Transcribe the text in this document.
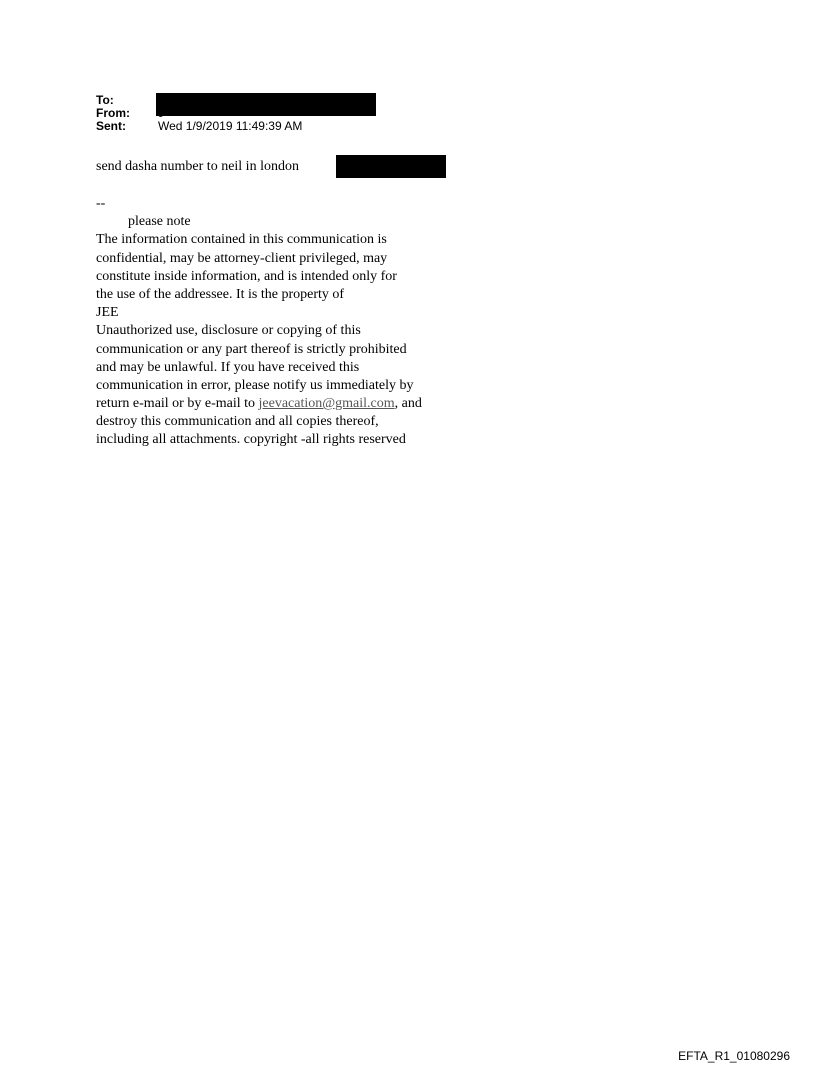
To:
From:
Sent:	Wed 1/9/2019 11:49:39 AM
send dasha number to neil in london
--
please note
The information contained in this communication is
confidential, may be attorney-client privileged, may
constitute inside information, and is intended only for
the use of the addressee. It is the property of
JEE
Unauthorized use, disclosure or copying of this
communication or any part thereof is strictly prohibited
and may be unlawful. If you have received this
communication in error, please notify us immediately by
return e-mail or by e-mail to jeevacation@gmail.com, and
destroy this communication and all copies thereof,
including all attachments. copyright -all rights reserved
EFTA_R1_01080296
